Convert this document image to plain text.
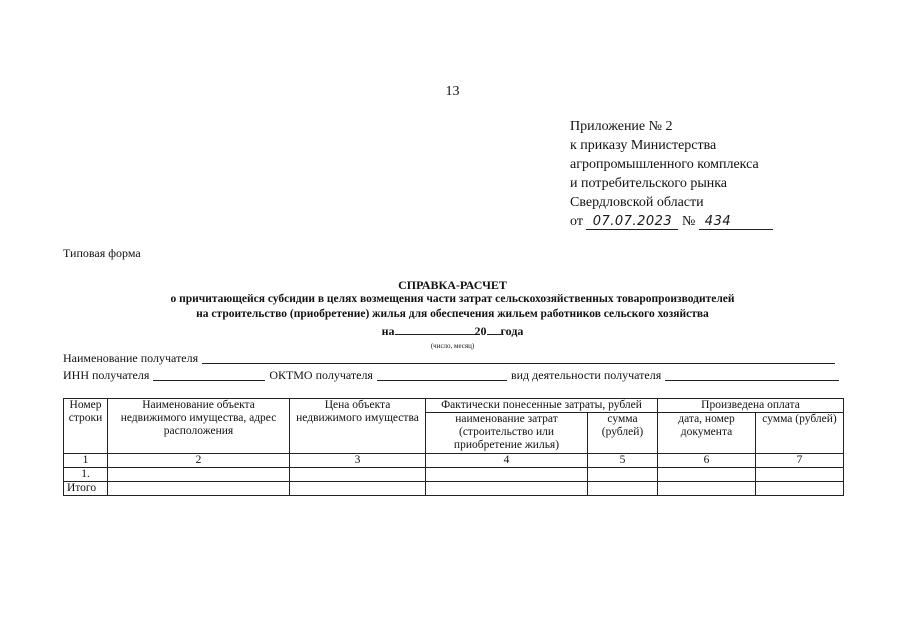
13
Приложение № 2
к приказу Министерства
агропромышленного комплекса
и потребительского рынка
Свердловской области
от 07.07.2023 № 434
Типовая форма
СПРАВКА-РАСЧЕТ
о причитающейся субсидии в целях возмещения части затрат сельскохозяйственных товаропроизводителей
на строительство (приобретение) жилья для обеспечения жильем работников сельского хозяйства
на	20 года
(число, месяц)
Наименование получателя
ИНН получателя	ОКТМО получателя	вид деятельности получателя
Номер строки	Наименование объекта недвижимого имущества, адрес расположения	Цена объекта недвижимого имущества	Фактически понесенные затраты, рублей		Произведена оплата	
			наименование затрат (строительство или приобретение жилья)	сумма (рублей)	дата, номер документа	сумма (рублей)
1	2	3	4	5	6	7
1.						
Итого						
